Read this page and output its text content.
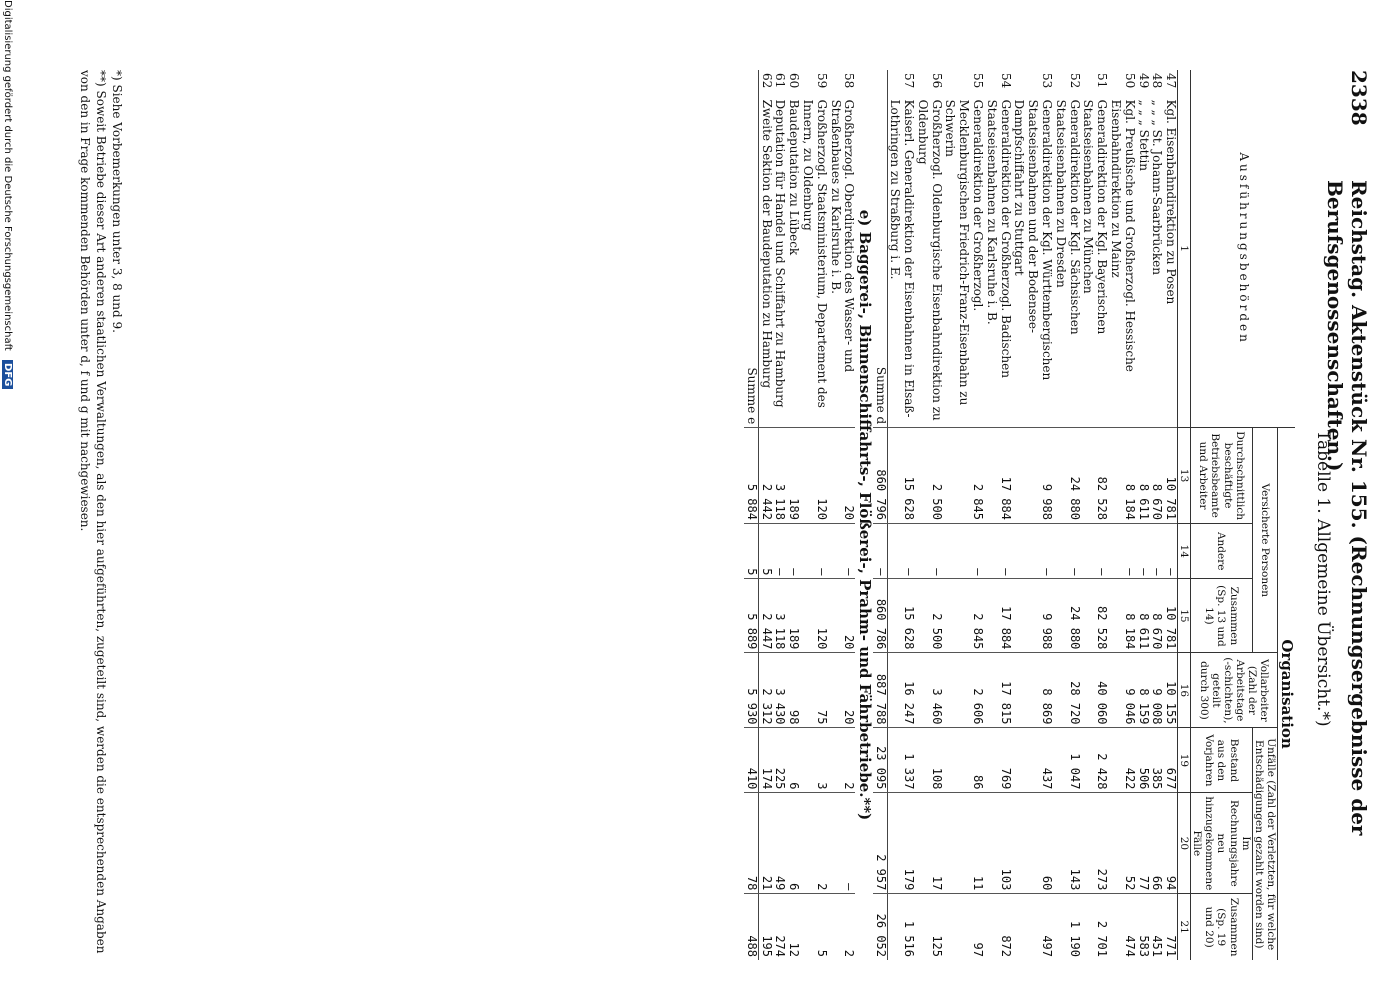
2338
Reichstag. Aktenstück Nr. 155. (Rechnungsergebnisse der Berufsgenossenschaften.)
Tabelle 1. Allgemeine Übersicht.*)
Ausführungsbehörden		Organisation						
		Versicherte Personen			Vollarbeiter (Zahl der Arbeitstage (-schichten), geteilt durch 300)	Unfälle (Zahl der Verletzten, für welche Entschädigungen gezahlt worden sind)		
		Durchschnittlich beschäftigte Betriebsbeamte und Arbeiter	Andere	Zusammen (Sp. 13 und 14)		Bestand aus den Vorjahren	Im Rechnungsjahre neu hinzugekommene Fälle	Zusammen (Sp. 19 und 20)
1		13	14	15	16	19	20	21
47	Kgl. Eisenbahndirektion zu Posen	10 781	—	10 781	10 155	677	94	771
48	„ „ „ St. Johann-Saarbrücken	8 670	—	8 670	9 008	385	66	451
49	„ „ „ Stettin	8 611	—	8 611	8 159	506	77	583
50	Kgl. Preußische und Großherzogl. Hessische Eisenbahndirektion zu Mainz	8 184	—	8 184	9 046	422	52	474
51	Generaldirektion der Kgl. Bayerischen Staatseisenbahnen zu München	82 528	—	82 528	40 060	2 428	273	2 701
52	Generaldirektion der Kgl. Sächsischen Staatseisenbahnen zu Dresden	24 880	—	24 880	28 720	1 047	143	1 190
53	Generaldirektion der Kgl. Württembergischen Staatseisenbahnen und der Bodensee-Dampfschiffahrt zu Stuttgart	9 988	—	9 988	8 869	437	60	497
54	Generaldirektion der Großherzogl. Badischen Staatseisenbahnen zu Karlsruhe i. B.	17 884	—	17 884	17 815	769	103	872
55	Generaldirektion der Großherzogl. Mecklenburgischen Friedrich-Franz-Eisenbahn zu Schwerin	2 845	—	2 845	2 606	86	11	97
56	Großherzogl. Oldenburgische Eisenbahndirektion zu Oldenburg	2 500	—	2 500	3 460	108	17	125
57	Kaiserl. Generaldirektion der Eisenbahnen in Elsaß-Lothringen zu Straßburg i. E.	15 628	—	15 628	16 247	1 337	179	1 516
Summe d		860 796	—	860 786	887 788	23 095	2 957	26 052
e) Baggerei-, Binnenschiffahrts-, Flößerei-, Prahm- und Fährbetriebe.**)								
58	Großherzogl. Oberdirektion des Wasser- und Straßenbaues zu Karlsruhe i. B.	20	—	20	20	2	—	2
59	Großherzogl. Staatsministerium, Departement des Innern, zu Oldenburg	120	—	120	75	3	2	5
60	Baudeputation zu Lübeck	189	—	189	98	6	6	12
61	Deputation für Handel und Schiffahrt zu Hamburg	3 118	—	3 118	3 430	225	49	274
62	Zweite Sektion der Baudeputation zu Hamburg	2 442	5	2 447	2 312	174	21	195
Summe e		5 884	5	5 889	5 930	410	78	488
*) Siehe Vorbemerkungen unter 3, 8 und 9.
**) Soweit Betriebe dieser Art anderen staatlichen Verwaltungen, als den hier aufgeführten, zugeteilt sind, werden die entsprechenden Angaben von den in Frage kommenden Behörden unter d, f und g mit nachgewiesen.
Digitalisierung gefördert durch die Deutsche Forschungsgemeinschaft DFG
